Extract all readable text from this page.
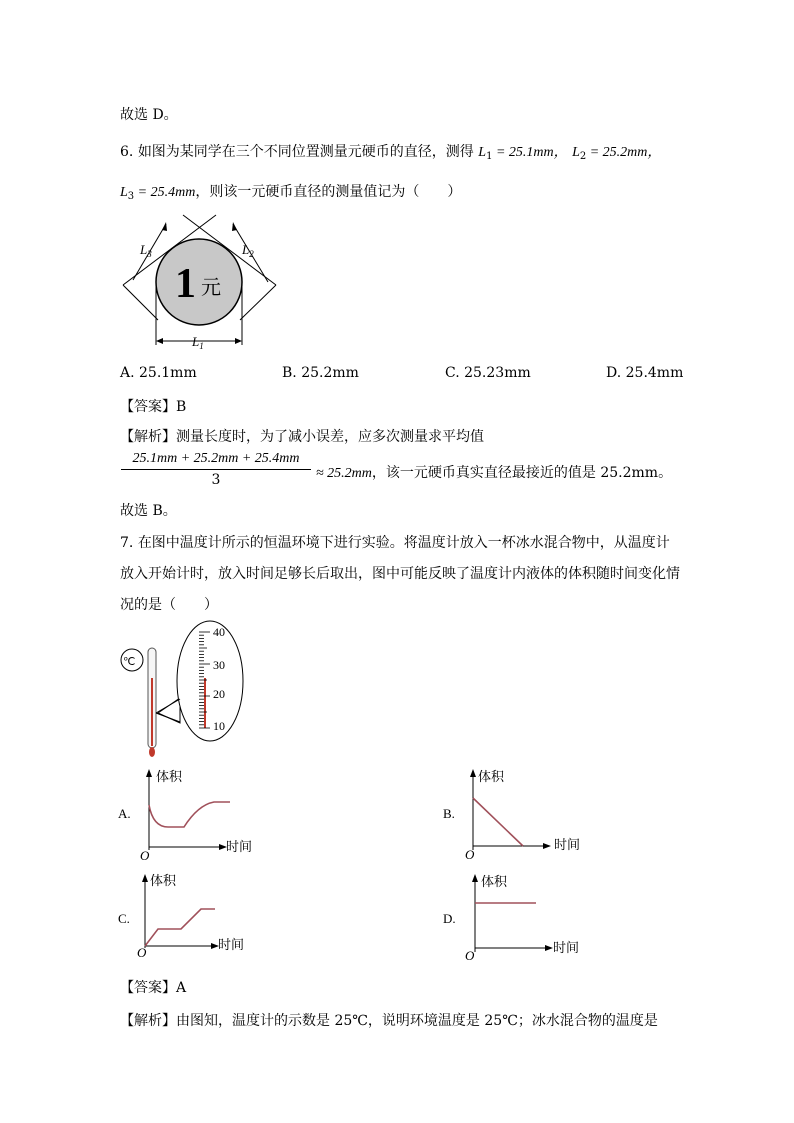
故选 D。
6. 如图为某同学在三个不同位置测量元硬币的直径，测得 $L_1 = 25.1mm$， $L_2 = 25.2mm$，
$L_3 = 25.4mm$，则该一元硬币直径的测量值记为（　　）
1 元
$L_1$
$L_3$	$L_2$
A. 25.1mm	B. 25.2mm	C. 25.23mm	D. 25.4mm
【答案】B
【解析】测量长度时，为了减小误差，应多次测量求平均值
$\frac{25.1mm + 25.2mm + 25.4mm}{3} \approx 25.2mm$，该一元硬币真实直径最接近的值是 25.2mm。
故选 B。
7. 在图中温度计所示的恒温环境下进行实验。将温度计放入一杯冰水混合物中，从温度计
放入开始计时，放入时间足够长后取出，图中可能反映了温度计内液体的体积随时间变化情
况的是（　　）
℃
40
30
20
10
A.
体积
时间
O
B.
体积
时间
O
C.
体积
时间
O
D.
体积
时间
O
【答案】A
【解析】由图知，温度计的示数是 25℃，说明环境温度是 25℃；冰水混合物的温度是
